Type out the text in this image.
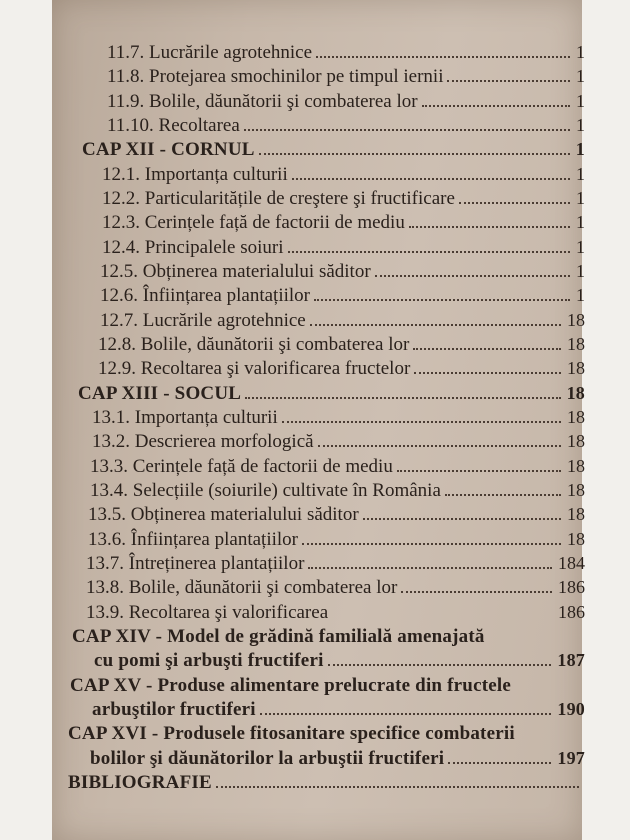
11.7. Lucrările agrotehnice	1
11.8. Protejarea smochinilor pe timpul iernii	1
11.9. Bolile, dăunătorii şi combaterea lor	1
11.10. Recoltarea	1
CAP XII - CORNUL	1
12.1. Importanța culturii	1
12.2. Particularitățile de creştere şi fructificare	1
12.3. Cerințele față de factorii de mediu	1
12.4. Principalele soiuri	1
12.5. Obținerea materialului săditor	1
12.6. Înființarea plantațiilor	1
12.7. Lucrările agrotehnice	18
12.8. Bolile, dăunătorii şi combaterea lor	18
12.9. Recoltarea şi valorificarea fructelor	18
CAP XIII - SOCUL	18
13.1. Importanța culturii	18
13.2. Descrierea morfologică	18
13.3. Cerințele față de factorii de mediu	18
13.4. Selecțiile (soiurile) cultivate în România	18
13.5. Obținerea materialului săditor	18
13.6. Înființarea plantațiilor	18
13.7. Întreținerea plantațiilor	184
13.8. Bolile, dăunătorii şi combaterea lor	186
13.9. Recoltarea şi valorificarea	186
CAP XIV - Model de grădină familială amenajată
cu pomi şi arbuşti fructiferi	187
CAP XV - Produse alimentare prelucrate din fructele
arbuştilor fructiferi	190
CAP XVI - Produsele fitosanitare specifice combaterii
bolilor şi dăunătorilor la arbuştii fructiferi	197
BIBLIOGRAFIE
